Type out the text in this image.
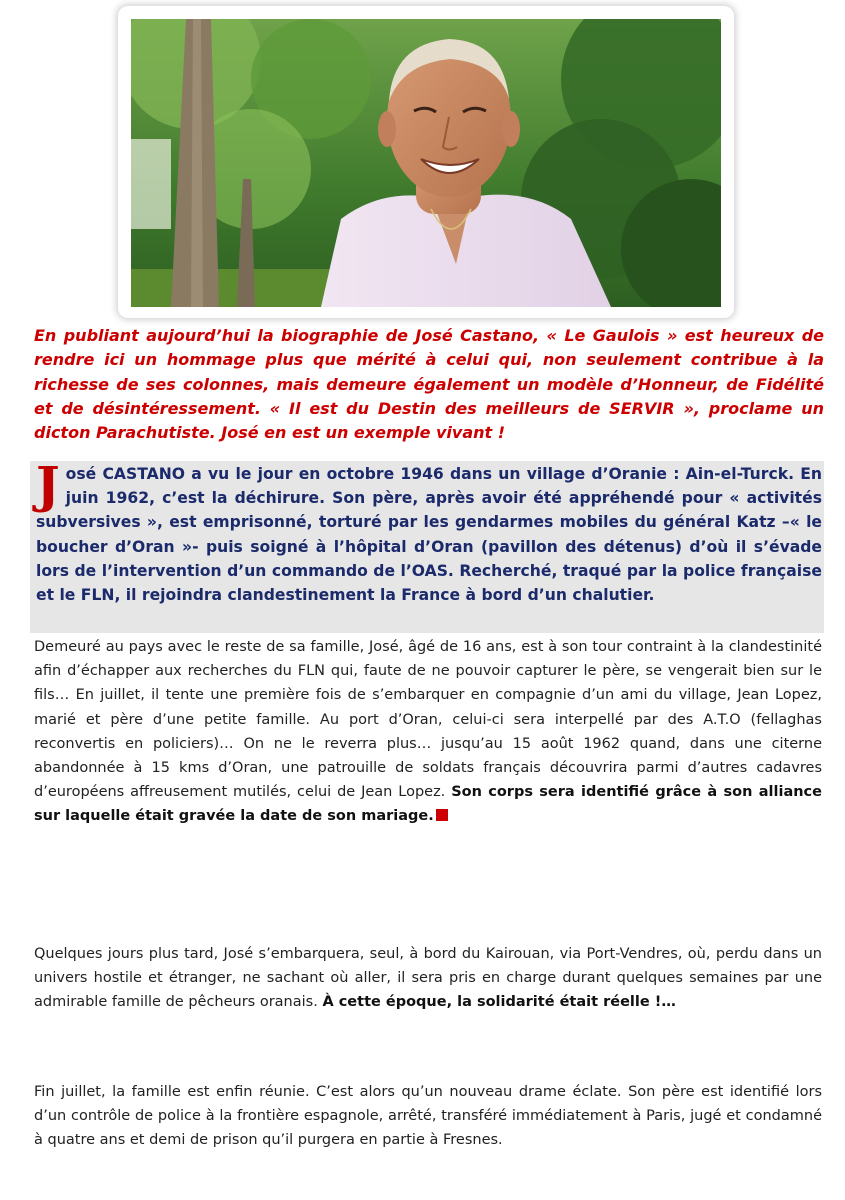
En publiant aujourd’hui la biographie de José Castano, « Le Gaulois » est heureux de rendre ici un hommage plus que mérité à celui qui, non seulement contribue à la richesse de ses colonnes, mais demeure également un modèle d’Honneur, de Fidélité et de désintéressement. « Il est du Destin des meilleurs de SERVIR », proclame un dicton Parachutiste. José en est un exemple vivant !

José CASTANO a vu le jour en octobre 1946 dans un village d’Oranie : Ain-el-Turck. En juin 1962, c’est la déchirure. Son père, après avoir été appréhendé pour « activités subversives », est emprisonné, torturé par les gendarmes mobiles du général Katz –« le boucher d’Oran »- puis soigné à l’hôpital d’Oran (pavillon des détenus) d’où il s’évade lors de l’intervention d’un commando de l’OAS. Recherché, traqué par la police française et le FLN, il rejoindra clandestinement la France à bord d’un chalutier.

Demeuré au pays avec le reste de sa famille, José, âgé de 16 ans, est à son tour contraint à la clandestinité afin d’échapper aux recherches du FLN qui, faute de ne pouvoir capturer le père, se vengerait bien sur le fils… En juillet, il tente une première fois de s’embarquer en compagnie d’un ami du village, Jean Lopez, marié et père d’une petite famille. Au port d’Oran, celui-ci sera interpellé par des A.T.O (fellaghas reconvertis en policiers)… On ne le reverra plus… jusqu’au 15 août 1962 quand, dans une citerne abandonnée à 15 kms d’Oran, une patrouille de soldats français découvrira parmi d’autres cadavres d’européens affreusement mutilés, celui de Jean Lopez. Son corps sera identifié grâce à son alliance sur laquelle était gravée la date de son mariage.

Quelques jours plus tard, José s’embarquera, seul, à bord du Kairouan, via Port-Vendres, où, perdu dans un univers hostile et étranger, ne sachant où aller, il sera pris en charge durant quelques semaines par une admirable famille de pêcheurs oranais. À cette époque, la solidarité était réelle !…

Fin juillet, la famille est enfin réunie. C’est alors qu’un nouveau drame éclate. Son père est identifié lors d’un contrôle de police à la frontière espagnole, arrêté, transféré immédiatement à Paris, jugé et condamné à quatre ans et demi de prison qu’il purgera en partie à Fresnes.
